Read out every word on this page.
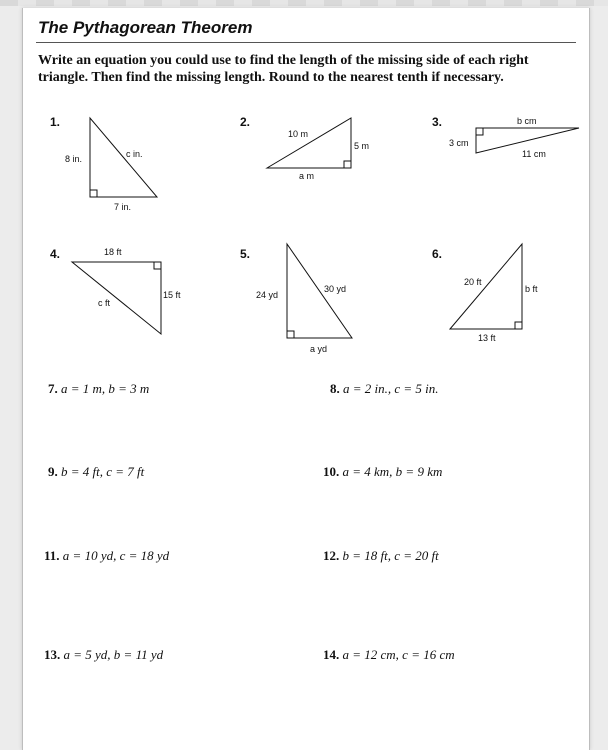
The Pythagorean Theorem
Write an equation you could use to find the length of the missing side of each right triangle. Then find the missing length. Round to the nearest tenth if necessary.
1.
8 in.	c in.
7 in.
2.
10 m
5 m
a m
3.	b cm
3 cm
11 cm
4.	18 ft
15 ft
c ft
5.
24 yd
30 yd
a yd
6.
20 ft
b ft
13 ft
7. a = 1 m, b = 3 m	8. a = 2 in., c = 5 in.
9. b = 4 ft, c = 7 ft	10. a = 4 km, b = 9 km
11. a = 10 yd, c = 18 yd	12. b = 18 ft, c = 20 ft
13. a = 5 yd, b = 11 yd	14. a = 12 cm, c = 16 cm
